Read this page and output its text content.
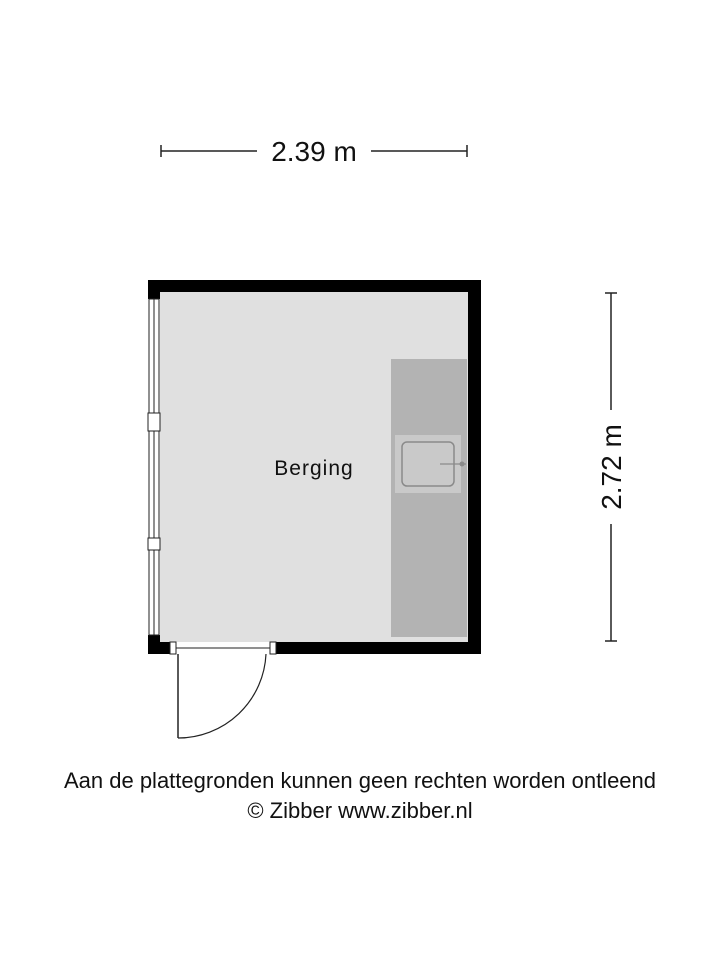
2.39 m
2.72 m
Berging
Aan de plattegronden kunnen geen rechten worden ontleend
© Zibber www.zibber.nl
